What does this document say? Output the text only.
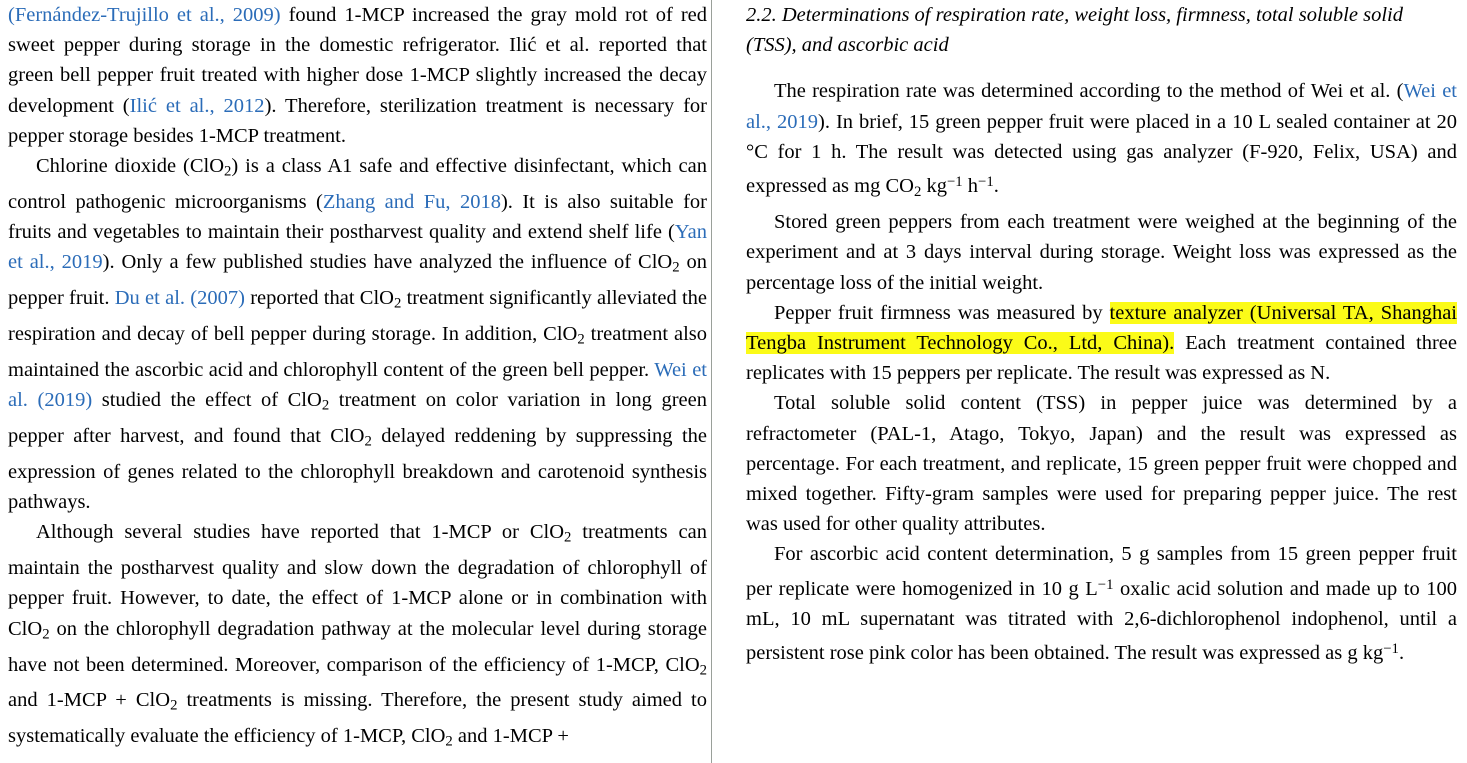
(Fernández-Trujillo et al., 2009) found 1-MCP increased the gray mold rot of red sweet pepper during storage in the domestic refrigerator. Ilić et al. reported that green bell pepper fruit treated with higher dose 1-MCP slightly increased the decay development (Ilić et al., 2012). Therefore, sterilization treatment is necessary for pepper storage besides 1-MCP treatment.

Chlorine dioxide (ClO$_2$) is a class A1 safe and effective disinfectant, which can control pathogenic microorganisms (Zhang and Fu, 2018). It is also suitable for fruits and vegetables to maintain their postharvest quality and extend shelf life (Yan et al., 2019). Only a few published studies have analyzed the influence of ClO$_2$ on pepper fruit. Du et al. (2007) reported that ClO$_2$ treatment significantly alleviated the respiration and decay of bell pepper during storage. In addition, ClO$_2$ treatment also maintained the ascorbic acid and chlorophyll content of the green bell pepper. Wei et al. (2019) studied the effect of ClO$_2$ treatment on color variation in long green pepper after harvest, and found that ClO$_2$ delayed reddening by suppressing the expression of genes related to the chlorophyll breakdown and carotenoid synthesis pathways.

Although several studies have reported that 1-MCP or ClO$_2$ treatments can maintain the postharvest quality and slow down the degradation of chlorophyll of pepper fruit. However, to date, the effect of 1-MCP alone or in combination with ClO$_2$ on the chlorophyll degradation pathway at the molecular level during storage have not been determined. Moreover, comparison of the efficiency of 1-MCP, ClO$_2$ and 1-MCP + ClO$_2$ treatments is missing. Therefore, the present study aimed to systematically evaluate the efficiency of 1-MCP, ClO$_2$ and 1-MCP +

2.2. Determinations of respiration rate, weight loss, firmness, total soluble solid (TSS), and ascorbic acid

The respiration rate was determined according to the method of Wei et al. (Wei et al., 2019). In brief, 15 green pepper fruit were placed in a 10 L sealed container at 20 °C for 1 h. The result was detected using gas analyzer (F-920, Felix, USA) and expressed as mg $CO_2$ $kg^{-1}$ $h^{-1}$.

Stored green peppers from each treatment were weighed at the beginning of the experiment and at 3 days interval during storage. Weight loss was expressed as the percentage loss of the initial weight.

Pepper fruit firmness was measured by texture analyzer (Universal TA, Shanghai Tengba Instrument Technology Co., Ltd, China). Each treatment contained three replicates with 15 peppers per replicate. The result was expressed as N.

Total soluble solid content (TSS) in pepper juice was determined by a refractometer (PAL-1, Atago, Tokyo, Japan) and the result was expressed as percentage. For each treatment, and replicate, 15 green pepper fruit were chopped and mixed together. Fifty-gram samples were used for preparing pepper juice. The rest was used for other quality attributes.

For ascorbic acid content determination, 5 g samples from 15 green pepper fruit per replicate were homogenized in 10 g $L^{-1}$ oxalic acid solution and made up to 100 mL, 10 mL supernatant was titrated with 2,6-dichlorophenol indophenol, until a persistent rose pink color has been obtained. The result was expressed as g $kg^{-1}$.
